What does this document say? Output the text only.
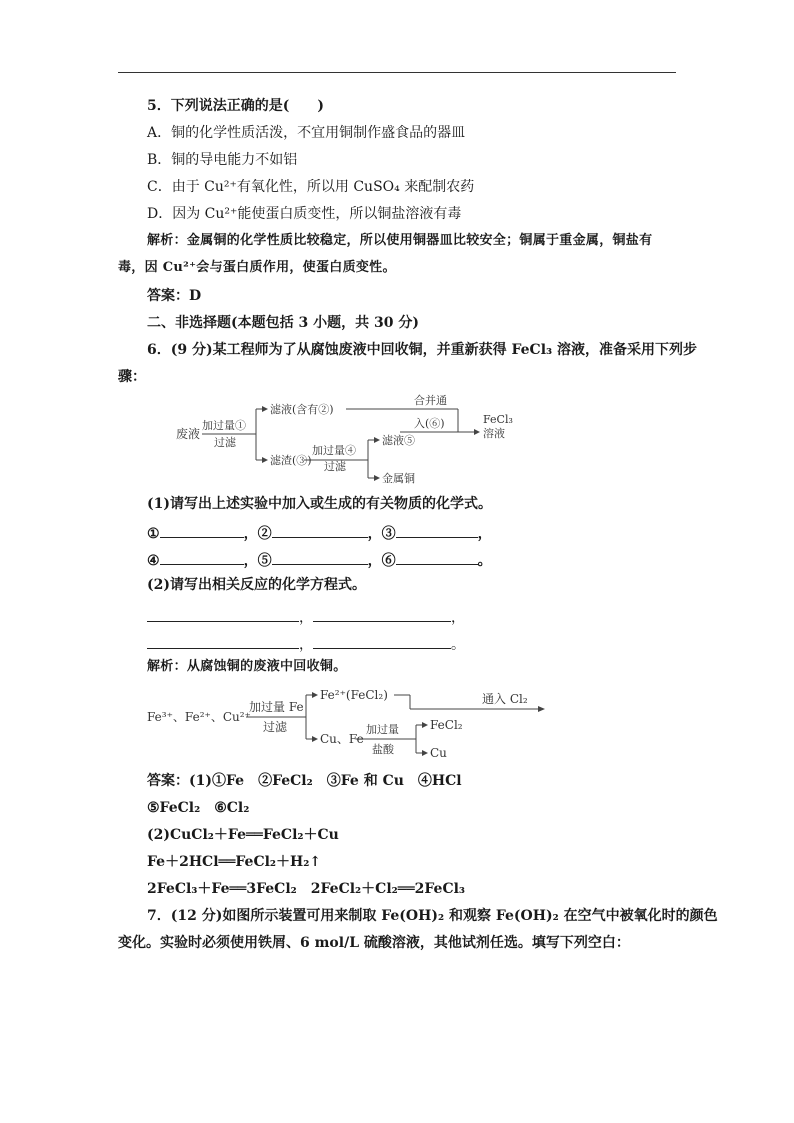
5．下列说法正确的是(　　)
A．铜的化学性质活泼，不宜用铜制作盛食品的器皿
B．铜的导电能力不如铝
C．由于 Cu²⁺有氧化性，所以用 CuSO₄ 来配制农药
D．因为 Cu²⁺能使蛋白质变性，所以铜盐溶液有毒
解析：金属铜的化学性质比较稳定，所以使用铜器皿比较安全；铜属于重金属，铜盐有
毒，因 Cu²⁺会与蛋白质作用，使蛋白质变性。
答案：D
二、非选择题(本题包括 3 小题，共 30 分)
6．(9 分)某工程师为了从腐蚀废液中回收铜，并重新获得 FeCl₃ 溶液，准备采用下列步
骤：
废液
加过量①
过滤
滤液(含有②)
滤渣(③)
加过量④
过滤
滤液⑤
金属铜
合并通
入(⑥)	FeCl₃
溶液
(1)请写出上述实验中加入或生成的有关物质的化学式。
①	，②	，③	，
④	，⑤	，⑥	。
(2)请写出相关反应的化学方程式。
，	，
，	。
解析：从腐蚀铜的废液中回收铜。
Fe³⁺、Fe²⁺、Cu²⁺
加过量 Fe
过滤
Fe²⁺(FeCl₂)
Cu、Fe
加过量
盐酸
FeCl₂
Cu
通入 Cl₂
答案：(1)①Fe　②FeCl₂　③Fe 和 Cu　④HCl
⑤FeCl₂　⑥Cl₂
(2)CuCl₂＋Fe══FeCl₂＋Cu
Fe＋2HCl══FeCl₂＋H₂↑
2FeCl₃＋Fe══3FeCl₂　2FeCl₂＋Cl₂══2FeCl₃
7．(12 分)如图所示装置可用来制取 Fe(OH)₂ 和观察 Fe(OH)₂ 在空气中被氧化时的颜色
变化。实验时必须使用铁屑、6 mol/L 硫酸溶液，其他试剂任选。填写下列空白：
